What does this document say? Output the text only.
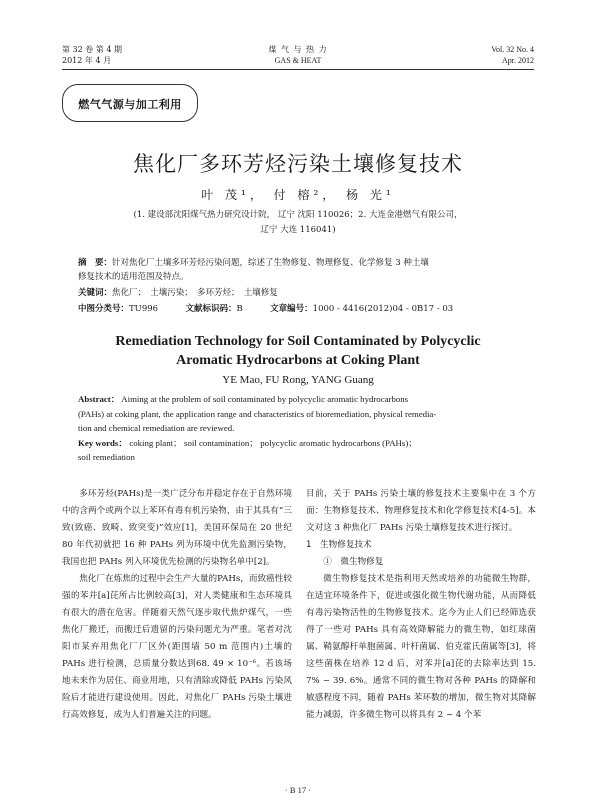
第 32 卷 第 4 期
2012 年 4 月
煤 气 与 热 力
GAS & HEAT
Vol. 32 No. 4
Apr. 2012
燃气气源与加工利用
焦化厂多环芳烃污染土壤修复技术
叶 茂¹， 付 榕²， 杨 光¹
(1. 建设部沈阳煤气热力研究设计院， 辽宁 沈阳 110026；2. 大连金港燃气有限公司，
辽宁 大连 116041)
摘　要：针对焦化厂土壤多环芳烃污染问题，综述了生物修复、物理修复、化学修复 3 种土壤
修复技术的适用范围及特点。
关键词：焦化厂；　土壤污染；　多环芳烃；　土壤修复
中图分类号：TU996	文献标识码：B	文章编号：1000 - 4416(2012)04 - 0B17 - 03
Remediation Technology for Soil Contaminated by Polycyclic
Aromatic Hydrocarbons at Coking Plant
YE Mao, FU Rong, YANG Guang
Abstract： Aiming at the problem of soil contaminated by polycyclic aromatic hydrocarbons
(PAHs) at coking plant, the application range and characteristics of bioremediation, physical remedia-
tion and chemical remediation are reviewed.
Key words： coking plant； soil contamination； polycyclic aromatic hydrocarbons (PAHs)；
soil remediation

多环芳烃(PAHs)是一类广泛分布并稳定存在于自然环境中的含两个或两个以上苯环有毒有机污染物，由于其具有“三致(致癌、致畸、致突变)”效应[1]，美国环保局在 20 世纪 80 年代初就把 16 种 PAHs 列为环境中优先监测污染物，我国也把 PAHs 列入环境优先检测的污染物名单中[2]。

焦化厂在炼焦的过程中会生产大量的PAHs，而致癌性较强的苯并[a]芘所占比例较高[3]，对人类健康和生态环境具有很大的潜在危害。伴随着天然气逐步取代焦炉煤气，一些焦化厂搬迁，而搬迁后遗留的污染问题尤为严重。笔者对沈阳市某弃用焦化厂厂区外(距围墙 50 m 范围内)土壤的 PAHs 进行检测，总质量分数达到68. 49 × 10⁻⁶。若该场地未来作为居住、商业用地，只有清除或降低 PAHs 污染风险后才能进行建设使用。因此，对焦化厂 PAHs 污染土壤进行高效修复，成为人们普遍关注的问题。

目前，关于 PAHs 污染土壤的修复技术主要集中在 3 个方面：生物修复技术、物理修复技术和化学修复技术[4-5]。本文对这 3 种焦化厂 PAHs 污染土壤修复技术进行探讨。

1　生物修复技术

①　微生物修复

微生物修复技术是指利用天然或培养的功能微生物群，在适宜环境条件下，促进或强化微生物代谢功能，从而降低有毒污染物活性的生物修复技术。迄今为止人们已经筛选获得了一些对 PAHs 具有高效降解能力的微生物，如红球菌属、鞘氨醇杆单胞菌属、叶杆菌属、伯克霍氏菌属等[3]，将这些菌株在培养 12 d 后，对苯并[a]芘的去除率达到 15. 7% ~ 39. 6%。通常不同的微生物对各种 PAHs 的降解和敏感程度不同，随着 PAHs 苯环数的增加，微生物对其降解能力减弱，许多微生物可以将具有 2 ~ 4 个苯

· B 17 ·
